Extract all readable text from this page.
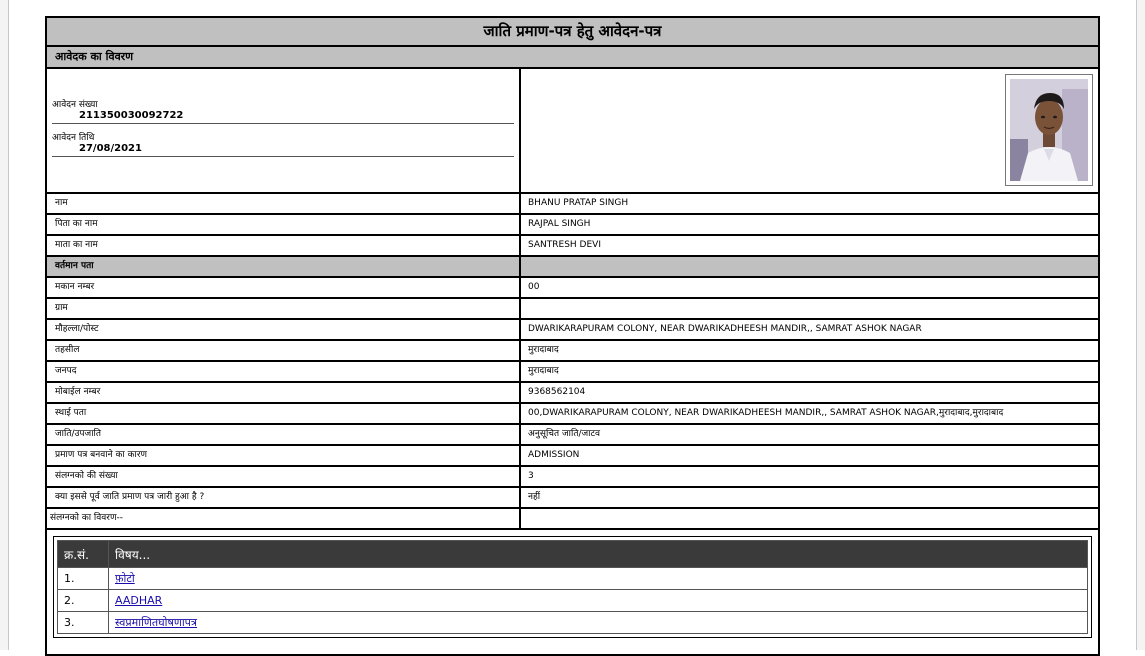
जाति प्रमाण-पत्र हेतु आवेदन-पत्र
आवेदक का विवरण
आवेदन संख्या
211350030092722
आवेदन तिथि
27/08/2021
नाम	BHANU PRATAP SINGH
पिता का नाम	RAJPAL SINGH
माता का नाम	SANTRESH DEVI
वर्तमान पता
मकान नम्बर	00
ग्राम
मौहल्ला/पोस्ट	DWARIKARAPURAM COLONY, NEAR DWARIKADHEESH MANDIR,, SAMRAT ASHOK NAGAR
तहसील	मुरादाबाद
जनपद	मुरादाबाद
मोबाईल नम्बर	9368562104
स्थाई पता	00,DWARIKARAPURAM COLONY, NEAR DWARIKADHEESH MANDIR,, SAMRAT ASHOK NAGAR,मुरादाबाद,मुरादाबाद
जाति/उपजाति	अनुसूचित जाति/जाटव
प्रमाण पत्र बनवाने का कारण	ADMISSION
संलग्नको की संख्या	3
क्या इससे पूर्व जाति प्रमाण पत्र जारी हुआ है ?	नहीं
संलग्नको का विवरण--
क्र.सं.	विषय...
1.	फ़ोटो
2.	AADHAR
3.	स्वप्रमाणितघोषणापत्र
